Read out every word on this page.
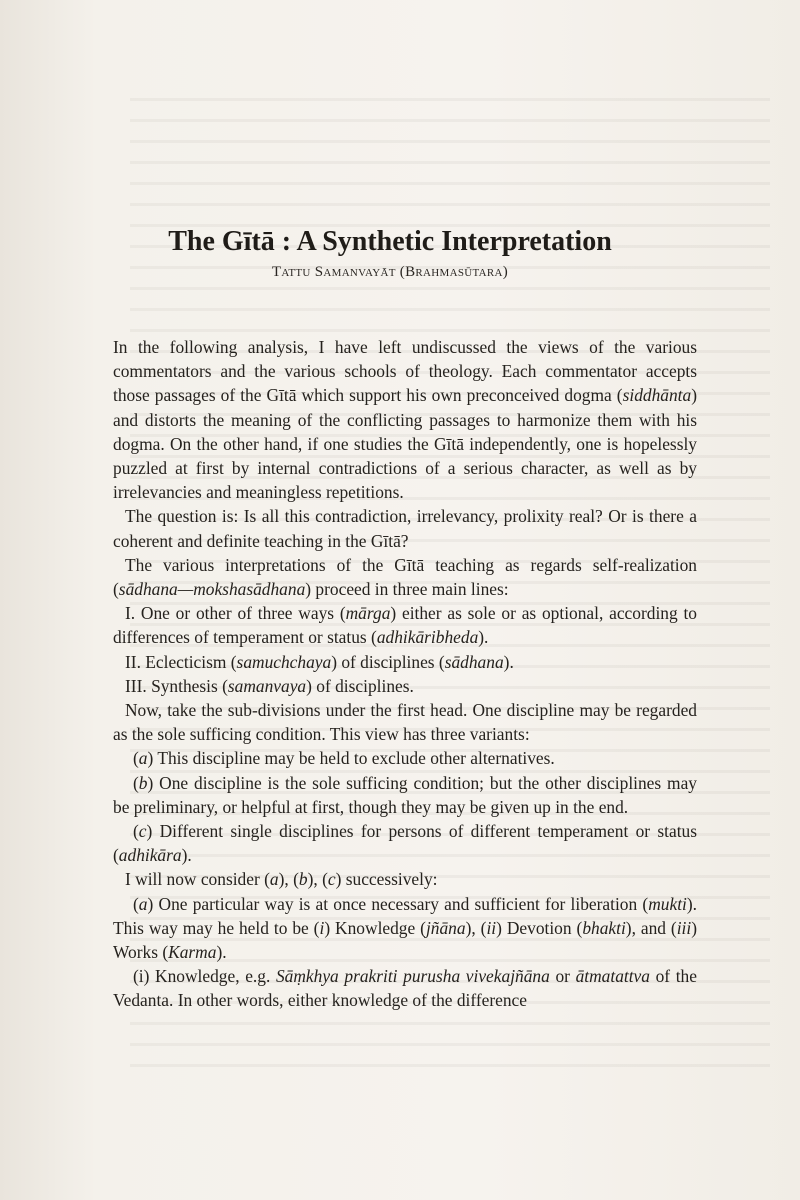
The Gītā : A Synthetic Interpretation

Tattu Samanvayāt (Brahmasūtara)

In the following analysis, I have left undiscussed the views of the various commentators and the various schools of theology. Each commentator accepts those passages of the Gītā which support his own preconceived dogma (siddhānta) and distorts the meaning of the conflicting passages to harmonize them with his dogma. On the other hand, if one studies the Gītā independently, one is hopelessly puzzled at first by internal contradictions of a serious character, as well as by irrelevancies and meaningless repetitions.

The question is: Is all this contradiction, irrelevancy, prolixity real? Or is there a coherent and definite teaching in the Gītā?

The various interpretations of the Gītā teaching as regards self-realization (sādhana—mokshasādhana) proceed in three main lines:

I. One or other of three ways (mārga) either as sole or as optional, according to differences of temperament or status (adhikāribheda).

II. Eclecticism (samuchchaya) of disciplines (sādhana).

III. Synthesis (samanvaya) of disciplines.

Now, take the sub-divisions under the first head. One discipline may be regarded as the sole sufficing condition. This view has three variants:

(a) This discipline may be held to exclude other alternatives.

(b) One discipline is the sole sufficing condition; but the other disciplines may be preliminary, or helpful at first, though they may be given up in the end.

(c) Different single disciplines for persons of different temperament or status (adhikāra).

I will now consider (a), (b), (c) successively:

(a) One particular way is at once necessary and sufficient for liberation (mukti). This way may he held to be (i) Knowledge (jñāna), (ii) Devotion (bhakti), and (iii) Works (Karma).

(i) Knowledge, e.g. Sāṃkhya prakriti purusha vivekajñāna or ātmatattva of the Vedanta. In other words, either knowledge of the difference
